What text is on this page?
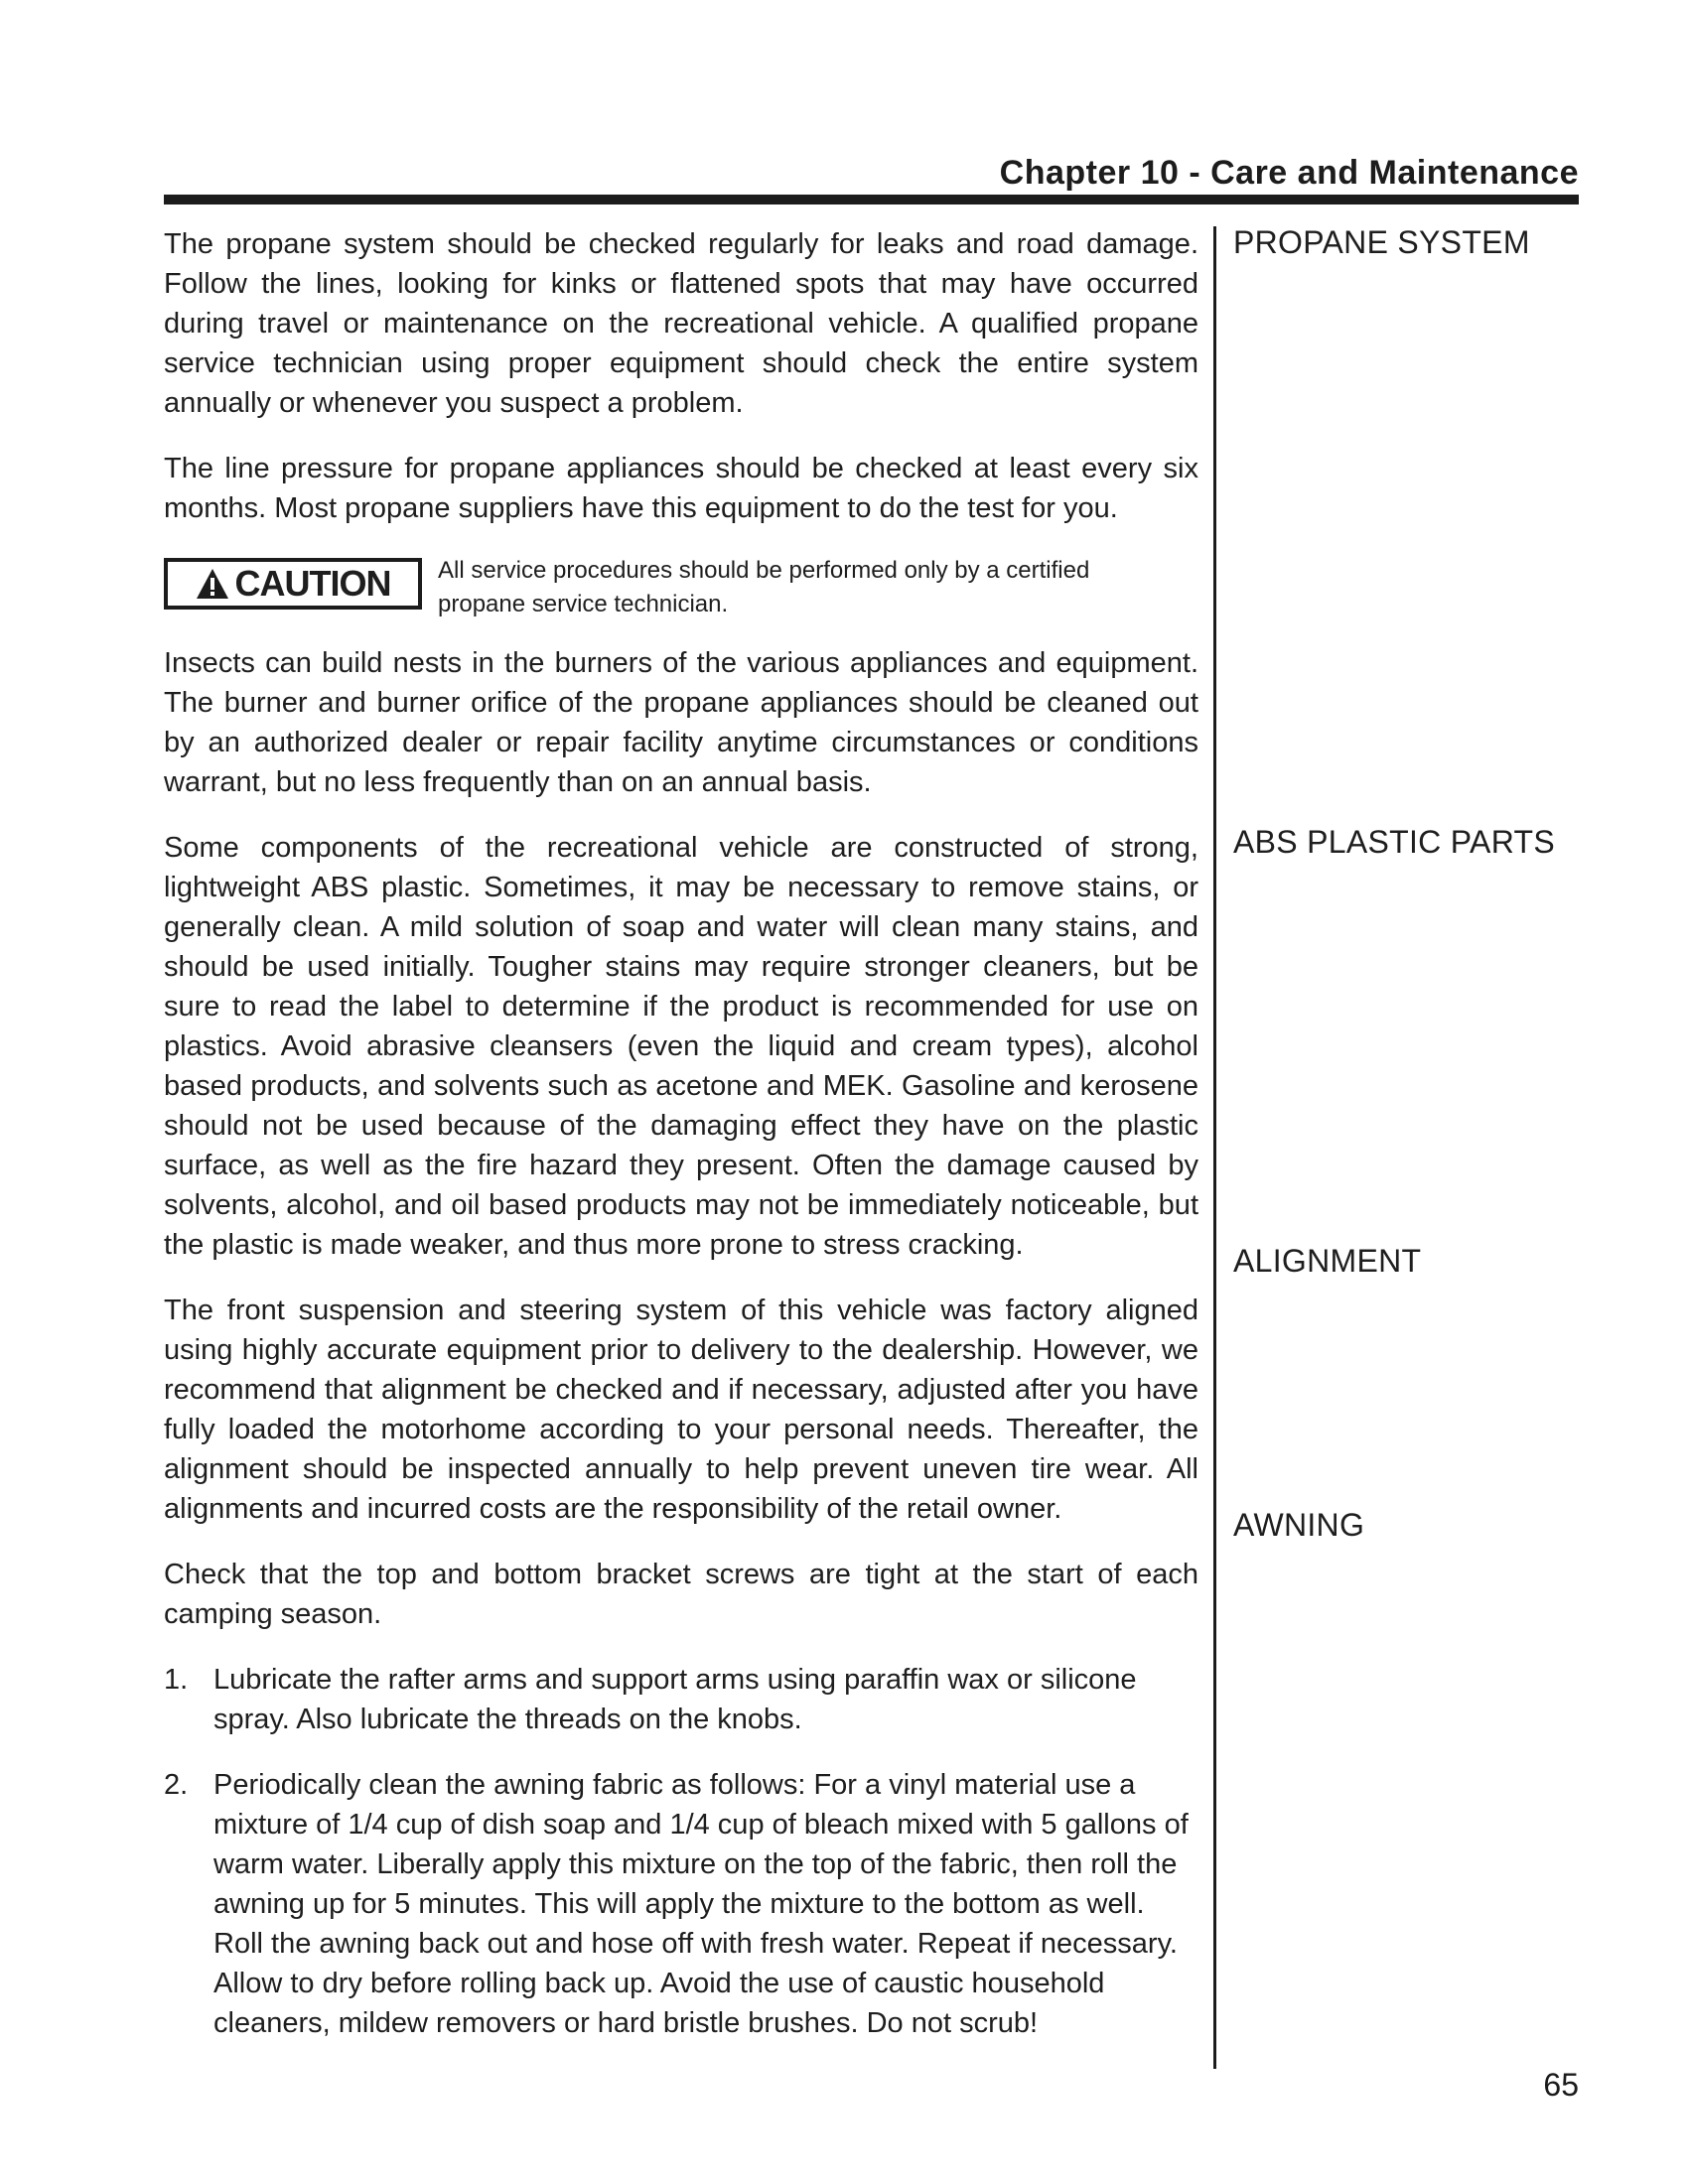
Chapter 10 - Care and Maintenance

The propane system should be checked regularly for leaks and road damage. Follow the lines, looking for kinks or flattened spots that may have occurred during travel or maintenance on the recreational vehicle. A qualified propane service technician using proper equipment should check the entire system annually or whenever you suspect a problem.

The line pressure for propane appliances should be checked at least every six months. Most propane suppliers have this equipment to do the test for you.

CAUTION All service procedures should be performed only by a certified propane service technician.

Insects can build nests in the burners of the various appliances and equipment. The burner and burner orifice of the propane appliances should be cleaned out by an authorized dealer or repair facility anytime circumstances or conditions warrant, but no less frequently than on an annual basis.

Some components of the recreational vehicle are constructed of strong, lightweight ABS plastic. Sometimes, it may be necessary to remove stains, or generally clean. A mild solution of soap and water will clean many stains, and should be used initially. Tougher stains may require stronger cleaners, but be sure to read the label to determine if the product is recommended for use on plastics. Avoid abrasive cleansers (even the liquid and cream types), alcohol based products, and solvents such as acetone and MEK. Gasoline and kerosene should not be used because of the damaging effect they have on the plastic surface, as well as the fire hazard they present. Often the damage caused by solvents, alcohol, and oil based products may not be immediately noticeable, but the plastic is made weaker, and thus more prone to stress cracking.

The front suspension and steering system of this vehicle was factory aligned using highly accurate equipment prior to delivery to the dealership. However, we recommend that alignment be checked and if necessary, adjusted after you have fully loaded the motorhome according to your personal needs. Thereafter, the alignment should be inspected annually to help prevent uneven tire wear. All alignments and incurred costs are the responsibility of the retail owner.

Check that the top and bottom bracket screws are tight at the start of each camping season.

1. Lubricate the rafter arms and support arms using paraffin wax or silicone spray. Also lubricate the threads on the knobs.
2. Periodically clean the awning fabric as follows: For a vinyl material use a mixture of 1/4 cup of dish soap and 1/4 cup of bleach mixed with 5 gallons of warm water. Liberally apply this mixture on the top of the fabric, then roll the awning up for 5 minutes. This will apply the mixture to the bottom as well. Roll the awning back out and hose off with fresh water. Repeat if necessary. Allow to dry before rolling back up. Avoid the use of caustic household cleaners, mildew removers or hard bristle brushes. Do not scrub!
PROPANE SYSTEM
ABS PLASTIC PARTS
ALIGNMENT
AWNING
65
